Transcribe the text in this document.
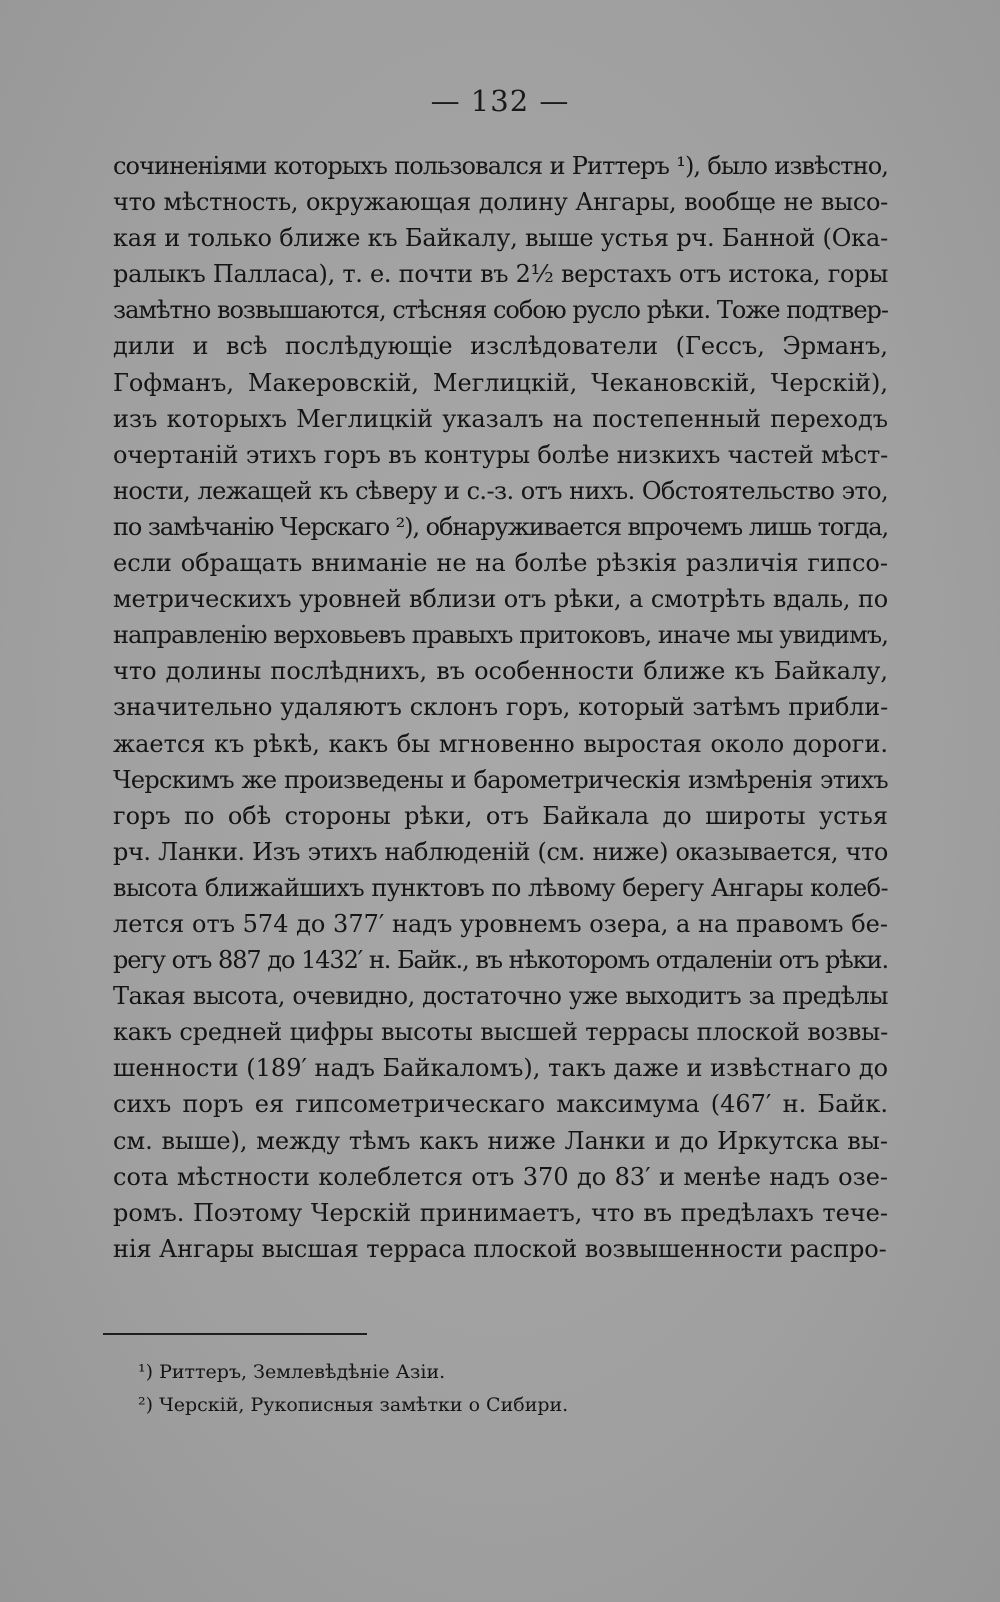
— 132 —
сочиненіями которыхъ пользовался и Риттеръ ¹), было извѣстно,
что мѣстность, окружающая долину Ангары, вообще не высо-
кая и только ближе къ Байкалу, выше устья рч. Банной (Ока-
ралыкъ Палласа), т. е. почти въ 2½ верстахъ отъ истока, горы
замѣтно возвышаются, стѣсняя собою русло рѣки. Тоже подтвер-
дили и всѣ послѣдующіе изслѣдователи (Гессъ, Эрманъ,
Гофманъ, Макеровскій, Меглицкій, Чекановскій, Черскій),
изъ которыхъ Меглицкій указалъ на постепенный переходъ
очертаній этихъ горъ въ контуры болѣе низкихъ частей мѣст-
ности, лежащей къ сѣверу и с.-з. отъ нихъ. Обстоятельство это,
по замѣчанію Черскаго ²), обнаруживается впрочемъ лишь тогда,
если обращать вниманіе не на болѣе рѣзкія различія гипсо-
метрическихъ уровней вблизи отъ рѣки, а смотрѣть вдаль, по
направленію верховьевъ правыхъ притоковъ, иначе мы увидимъ,
что долины послѣднихъ, въ особенности ближе къ Байкалу,
значительно удаляютъ склонъ горъ, который затѣмъ прибли-
жается къ рѣкѣ, какъ бы мгновенно выростая около дороги.
Черскимъ же произведены и барометрическія измѣренія этихъ
горъ по обѣ стороны рѣки, отъ Байкала до широты устья
рч. Ланки. Изъ этихъ наблюденій (см. ниже) оказывается, что
высота ближайшихъ пунктовъ по лѣвому берегу Ангары колеб-
лется отъ 574 до 377′ надъ уровнемъ озера, а на правомъ бе-
регу отъ 887 до 1432′ н. Байк., въ нѣкоторомъ отдаленіи отъ рѣки.
Такая высота, очевидно, достаточно уже выходитъ за предѣлы
какъ средней цифры высоты высшей террасы плоской возвы-
шенности (189′ надъ Байкаломъ), такъ даже и извѣстнаго до
сихъ поръ ея гипсометрическаго максимума (467′ н. Байк.
см. выше), между тѣмъ какъ ниже Ланки и до Иркутска вы-
сота мѣстности колеблется отъ 370 до 83′ и менѣе надъ озе-
ромъ. Поэтому Черскій принимаетъ, что въ предѣлахъ тече-
нія Ангары высшая терраса плоской возвышенности распро-
¹) Риттеръ, Землевѣдѣніе Азіи.
²) Черскій, Рукописныя замѣтки о Сибири.
